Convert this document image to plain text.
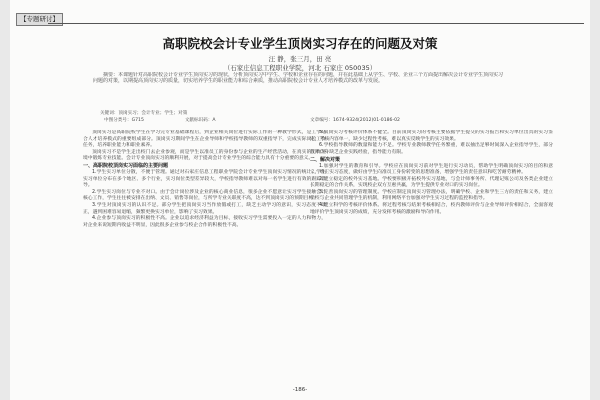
【专题研讨】
高职院校会计专业学生顶岗实习存在的问题及对策
汪 静，张三月，田 亮
（石家庄信息工程职业学院，河北 石家庄 050035）
摘要：本课题针对高职院校会计专业学生顶岗实习的现状，分析顶岗实习中学生、学校和企业存在的问题，并在此基础上从学生、学校、企业三个方面提出解决会计专业学生顶岗实习问题的对策，以期提高顶岗实习的质量，切实培养学生的职业能力和综合素质，推动高职院校会计专业人才培养模式的改革与发展。
关键词：顶岗实习；会计专业；学生；对策
中图分类号：G715	文献标识码：A	文章编号：1674-9324(2012)01-0186-02

顶岗实习是高职院校学生在学习完专业基础课程后，到企业相关岗位进行实际工作的一种教学形式，是工学结合人才培养模式的重要组成部分。顶岗实习期间学生在企业导师和学校指导教师的双重指导下，完成实际岗位工作任务，培养职业能力和职业素养。

顶岗实习不是学生走出校门去企业参观，而是学生以准员工的身份参与企业的生产经营活动，在真实的工作环境中锻炼专业技能。会计专业顶岗实习的顺利开展，对于提高会计专业学生的综合能力具有十分重要的意义。

一、高职院校顶岗实习面临的主要问题

1.学生实习单位分散，不便于管理。通过对石家庄信息工程职业学院会计专业学生顶岗实习情况的统计，学生实习单位分布在多个地区、多个行业，实习岗位类型差异较大，学校指导教师难以对每一名学生进行有效的跟踪指导。

2.学生实习岗位与专业不对口。由于会计岗位涉及企业的核心商业信息，很多企业不愿意让实习学生接触会计核心工作，学生往往被安排在出纳、文员、销售等岗位，与所学专业关联度不高，达不到顶岗实习的预期目标。

3.学生对顶岗实习的认识不足。部分学生把顶岗实习当作放假或打工，缺乏主动学习的意识，实习态度不端正，遇到困难容易退缩，频繁更换实习单位，影响了实习效果。

4.企业参与顶岗实习的积极性不高。企业以追求经济利益为目标，接收实习学生需要投入一定的人力和物力，对企业来说短期内收益不明显，因此很多企业参与校企合作的积极性不高。

5.顶岗实习考核评价体系不健全。目前顶岗实习的考核主要依据学生提交的实习报告和实习单位出具的实习鉴定，考核内容单一，缺少过程性考核，难以真实反映学生的实习效果。

6.学校指导教师的数量和能力不足。学校专业教师教学任务繁重，难以抽出足够时间深入企业指导学生，部分教师自身缺乏企业实践经验，指导能力有限。

二、解决对策

1.加强对学生的教育和引导。学校应在顶岗实习前对学生进行实习动员，帮助学生明确顶岗实习的目的和意义，端正实习态度，做好由学生向准员工身份转变的思想准备，增强学生的责任意识和吃苦耐劳精神。

2.建立稳定的校外实习基地。学校要积极开拓校外实习基地，与会计师事务所、代理记账公司及各类企业建立长期稳定的合作关系，实现校企双方互惠共赢，为学生提供专业对口的实习岗位。

3.完善顶岗实习的管理制度。学校应制定顶岗实习管理办法，明确学校、企业和学生三方的责任和义务，建立学校与企业共同管理学生的机制，利用网络平台加强对学生实习过程的监控和指导。

4.建立科学的考核评价体系。将过程考核与结果考核相结合，校内教师评价与企业导师评价相结合，全面客观地评价学生顶岗实习的成绩，充分发挥考核的激励和导向作用。

-186-
